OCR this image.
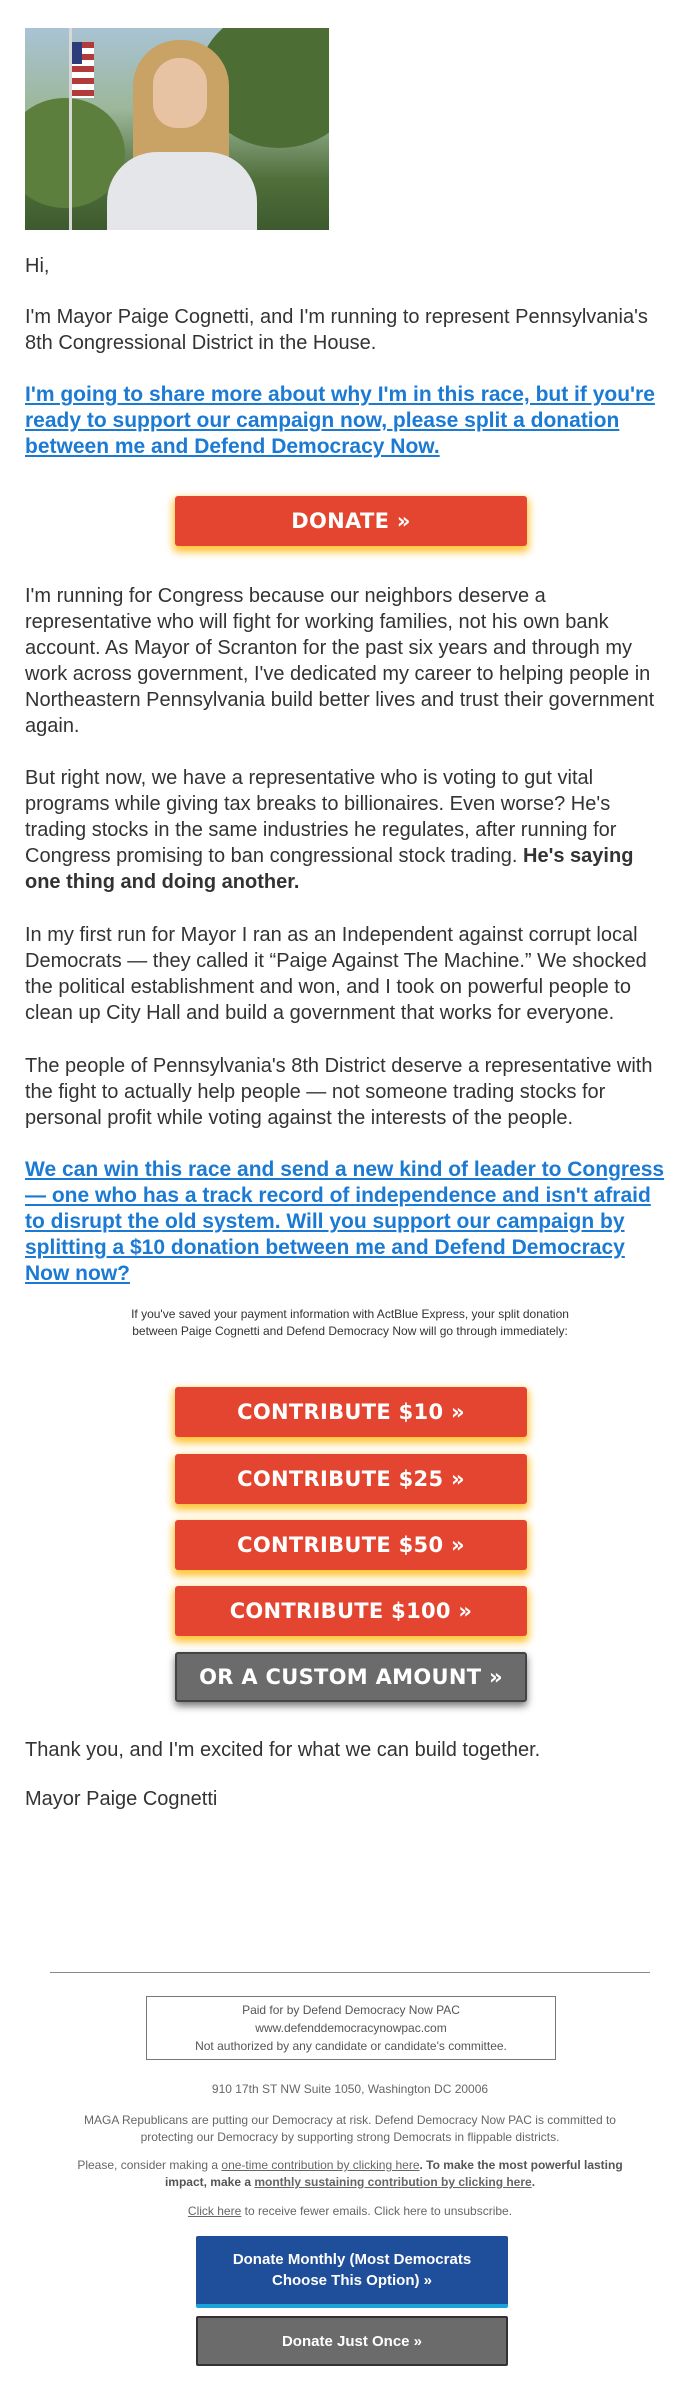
Hi,

I'm Mayor Paige Cognetti, and I'm running to represent Pennsylvania's 8th Congressional District in the House.

I'm going to share more about why I'm in this race, but if you're ready to support our campaign now, please split a donation between me and Defend Democracy Now.
DONATE »

I'm running for Congress because our neighbors deserve a representative who will fight for working families, not his own bank account. As Mayor of Scranton for the past six years and through my work across government, I've dedicated my career to helping people in Northeastern Pennsylvania build better lives and trust their government again.

But right now, we have a representative who is voting to gut vital programs while giving tax breaks to billionaires. Even worse? He's trading stocks in the same industries he regulates, after running for Congress promising to ban congressional stock trading. He's saying one thing and doing another.

In my first run for Mayor I ran as an Independent against corrupt local Democrats — they called it “Paige Against The Machine.” We shocked the political establishment and won, and I took on powerful people to clean up City Hall and build a government that works for everyone.

The people of Pennsylvania's 8th District deserve a representative with the fight to actually help people — not someone trading stocks for personal profit while voting against the interests of the people.

We can win this race and send a new kind of leader to Congress — one who has a track record of independence and isn't afraid to disrupt the old system. Will you support our campaign by splitting a $10 donation between me and Defend Democracy Now now?

If you've saved your payment information with ActBlue Express, your split donation between Paige Cognetti and Defend Democracy Now will go through immediately:

CONTRIBUTE $10 »
CONTRIBUTE $25 »
CONTRIBUTE $50 »
CONTRIBUTE $100 »
OR A CUSTOM AMOUNT »

Thank you, and I'm excited for what we can build together.

Mayor Paige Cognetti

Paid for by Defend Democracy Now PAC
www.defenddemocracynowpac.com
Not authorized by any candidate or candidate's committee.

910 17th ST NW Suite 1050, Washington DC 20006

MAGA Republicans are putting our Democracy at risk. Defend Democracy Now PAC is committed to protecting our Democracy by supporting strong Democrats in flippable districts.

Please, consider making a one-time contribution by clicking here. To make the most powerful lasting impact, make a monthly sustaining contribution by clicking here.

Click here to receive fewer emails. Click here to unsubscribe.

Donate Monthly (Most Democrats Choose This Option) »
Donate Just Once »
